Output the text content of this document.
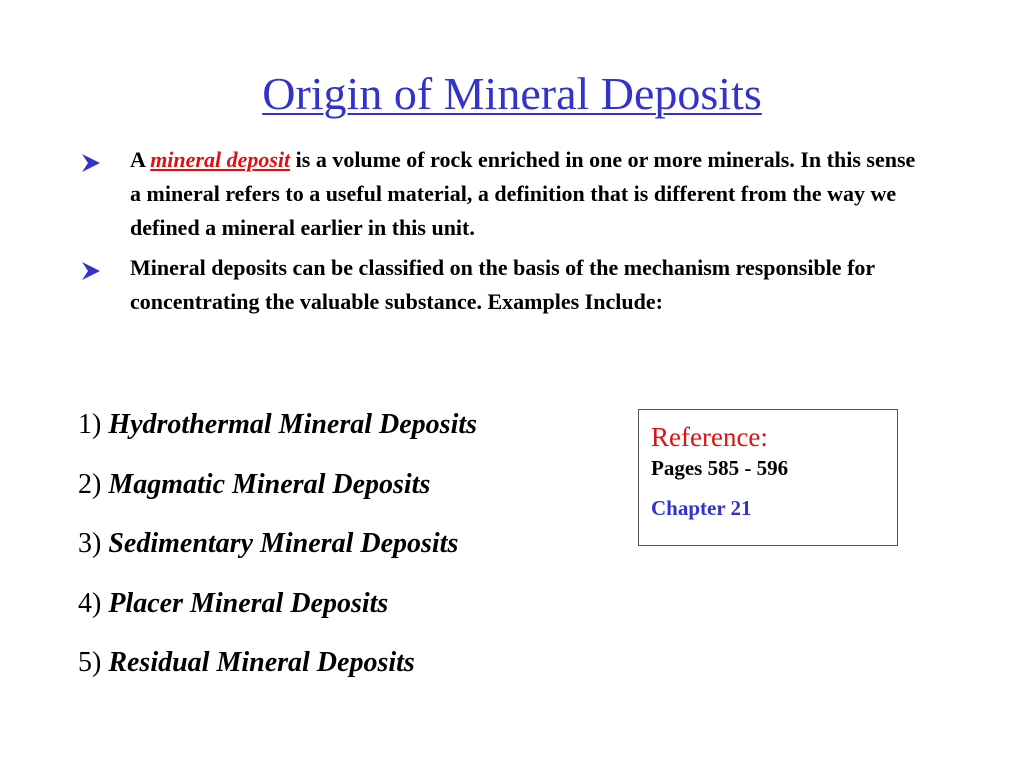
Origin of Mineral Deposits
A mineral deposit is a volume of rock enriched in one or more minerals. In this sense a mineral refers to a useful material, a definition that is different from the way we defined a mineral earlier in this unit.
Mineral deposits can be classified on the basis of the mechanism responsible for concentrating the valuable substance. Examples Include:
1) Hydrothermal Mineral Deposits
2) Magmatic Mineral Deposits
3) Sedimentary Mineral Deposits
4) Placer Mineral Deposits
5) Residual Mineral Deposits
Reference:
Pages 585 - 596
Chapter 21
